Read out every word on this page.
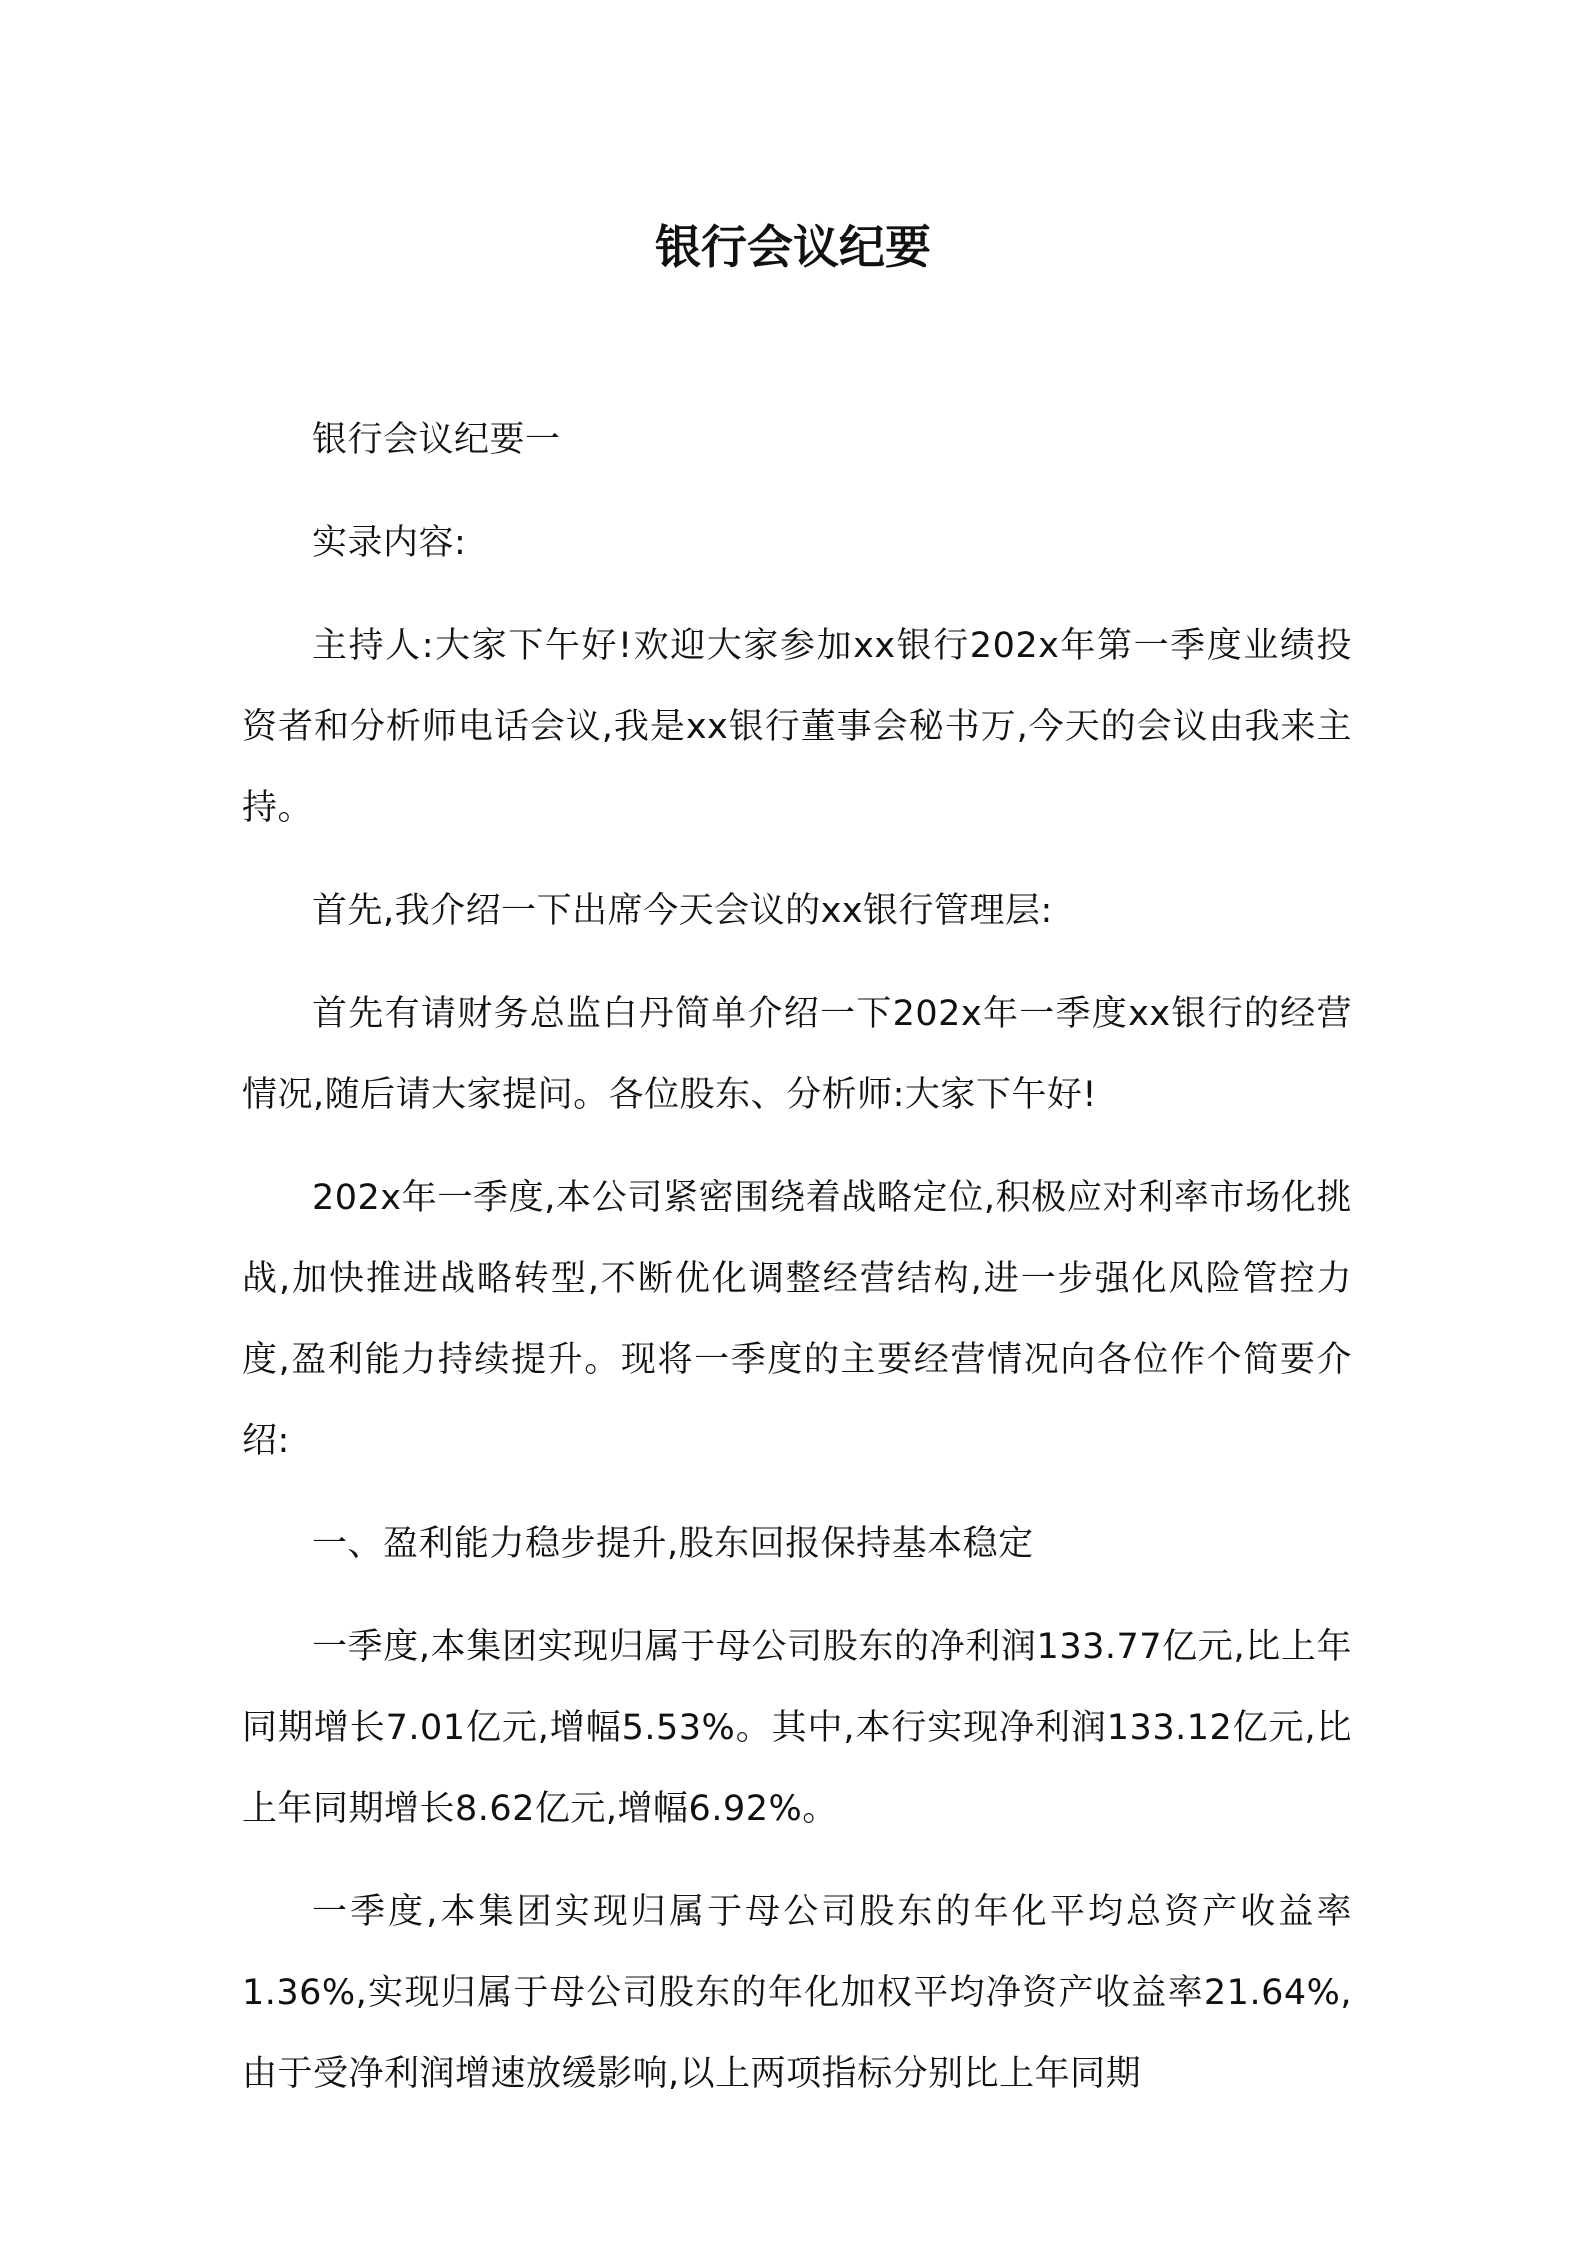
银行会议纪要

银行会议纪要一

实录内容:

主持人:大家下午好!欢迎大家参加xx银行202x年第一季度业绩投资者和分析师电话会议,我是xx银行董事会秘书万,今天的会议由我来主持。

首先,我介绍一下出席今天会议的xx银行管理层:

首先有请财务总监白丹简单介绍一下202x年一季度xx银行的经营情况,随后请大家提问。各位股东、分析师:大家下午好!

202x年一季度,本公司紧密围绕着战略定位,积极应对利率市场化挑战,加快推进战略转型,不断优化调整经营结构,进一步强化风险管控力度,盈利能力持续提升。现将一季度的主要经营情况向各位作个简要介绍:

一、盈利能力稳步提升,股东回报保持基本稳定

一季度,本集团实现归属于母公司股东的净利润133.77亿元,比上年同期增长7.01亿元,增幅5.53%。其中,本行实现净利润133.12亿元,比上年同期增长8.62亿元,增幅6.92%。

一季度,本集团实现归属于母公司股东的年化平均总资产收益率1.36%,实现归属于母公司股东的年化加权平均净资产收益率21.64%,由于受净利润增速放缓影响,以上两项指标分别比上年同期
